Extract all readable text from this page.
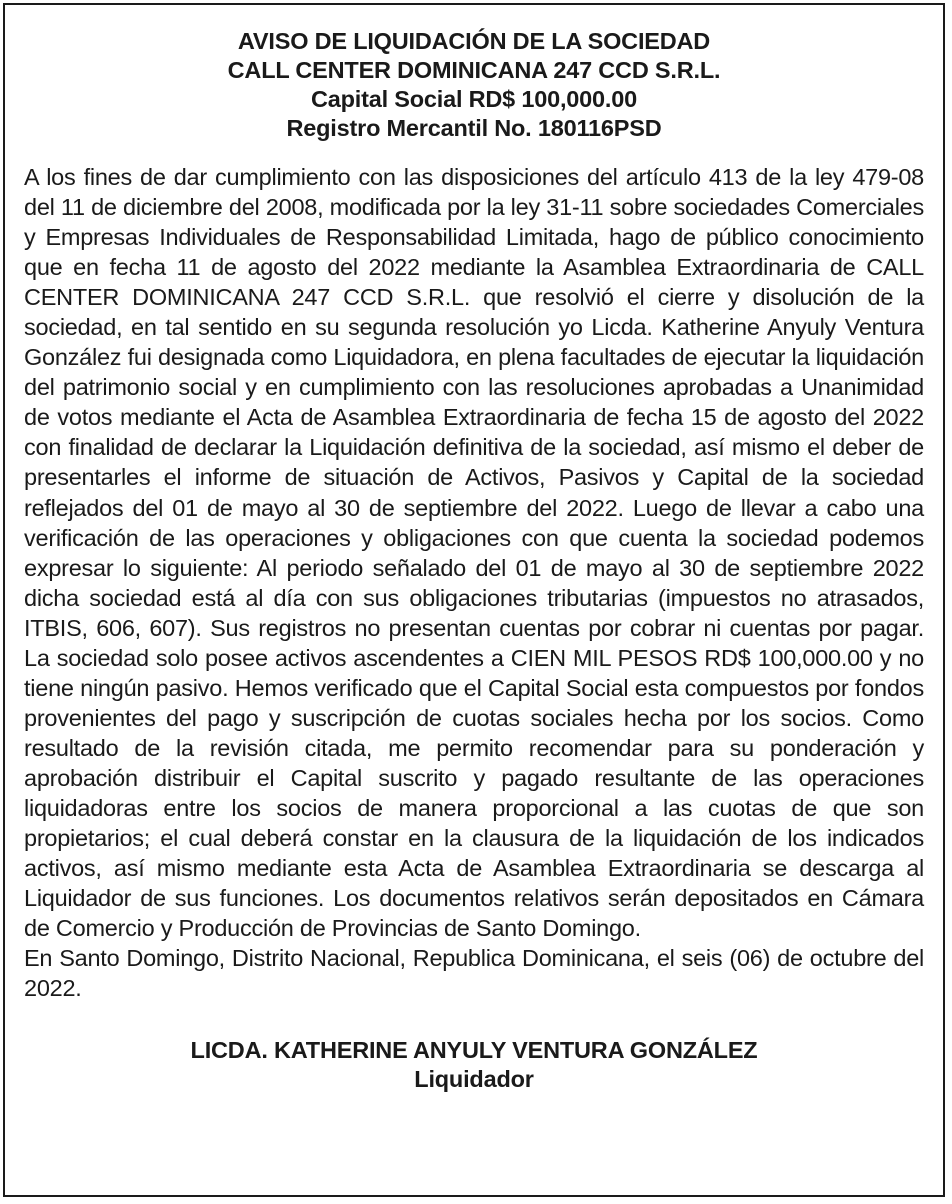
AVISO DE LIQUIDACIÓN DE LA SOCIEDAD
CALL CENTER DOMINICANA 247 CCD S.R.L.
Capital Social RD$ 100,000.00
Registro Mercantil No. 180116PSD

A los fines de dar cumplimiento con las disposiciones del artículo 413 de la ley 479-08 del 11 de diciembre del 2008, modificada por la ley 31-11 sobre sociedades Comerciales y Empresas Individuales de Responsabilidad Limitada, hago de público conocimiento que en fecha 11 de agosto del 2022 mediante la Asamblea Extraordinaria de CALL CENTER DOMINICANA 247 CCD S.R.L. que resolvió el cierre y disolución de la sociedad, en tal sentido en su segunda resolución yo Licda. Katherine Anyuly Ventura González fui designada como Liquidadora, en plena facultades de ejecutar la liquidación del patrimonio social y en cumplimiento con las resoluciones aprobadas a Unanimidad de votos mediante el Acta de Asamblea Extraordinaria de fecha 15 de agosto del 2022 con finalidad de declarar la Liquidación definitiva de la sociedad, así mismo el deber de presentarles el informe de situación de Activos, Pasivos y Capital de la sociedad reflejados del 01 de mayo al 30 de septiembre del 2022. Luego de llevar a cabo una verificación de las operaciones y obligaciones con que cuenta la sociedad podemos expresar lo siguiente: Al periodo señalado del 01 de mayo al 30 de septiembre 2022 dicha sociedad está al día con sus obligaciones tributarias (impuestos no atrasados, ITBIS, 606, 607). Sus registros no presentan cuentas por cobrar ni cuentas por pagar. La sociedad solo posee activos ascendentes a CIEN MIL PESOS RD$ 100,000.00 y no tiene ningún pasivo. Hemos verificado que el Capital Social esta compuestos por fondos provenientes del pago y suscripción de cuotas sociales hecha por los socios. Como resultado de la revisión citada, me permito recomendar para su ponderación y aprobación distribuir el Capital suscrito y pagado resultante de las operaciones liquidadoras entre los socios de manera proporcional a las cuotas de que son propietarios; el cual deberá constar en la clausura de la liquidación de los indicados activos, así mismo mediante esta Acta de Asamblea Extraordinaria se descarga al Liquidador de sus funciones. Los documentos relativos serán depositados en Cámara de Comercio y Producción de Provincias de Santo Domingo.

En Santo Domingo, Distrito Nacional, Republica Dominicana, el seis (06) de octubre del 2022.

LICDA. KATHERINE ANYULY VENTURA GONZÁLEZ
Liquidador
